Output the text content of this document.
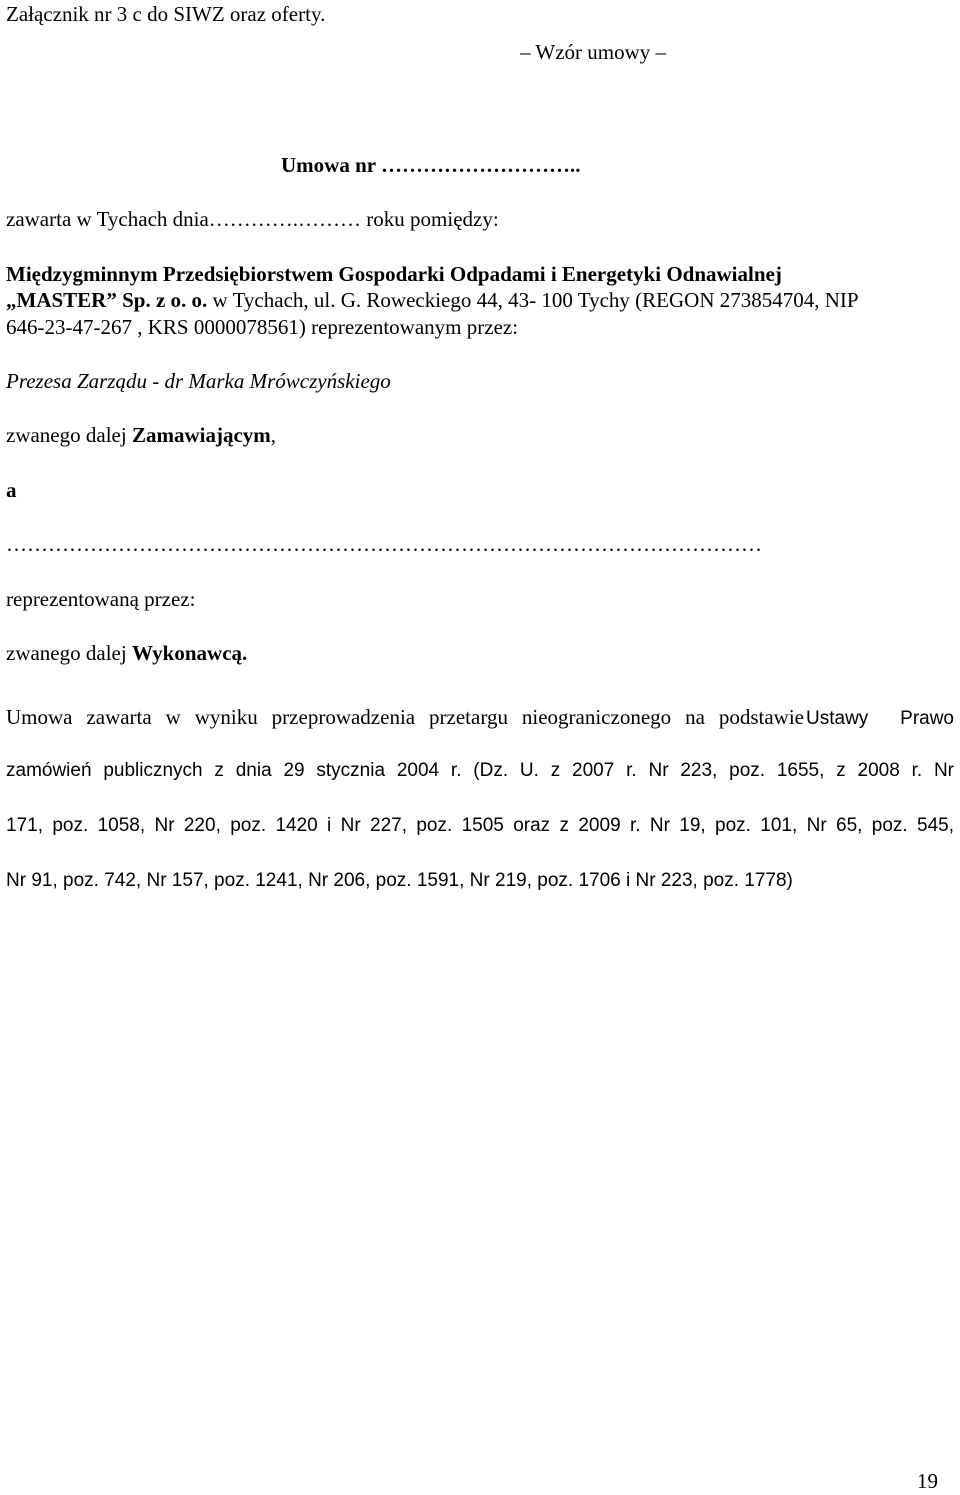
Załącznik nr 3 c do SIWZ oraz oferty.
– Wzór umowy –
Umowa nr ………………………..
zawarta w Tychach dnia………….……… roku pomiędzy:
Międzygminnym Przedsiębiorstwem Gospodarki Odpadami i Energetyki Odnawialnej
„MASTER” Sp. z o. o. w Tychach, ul. G. Roweckiego 44, 43- 100 Tychy (REGON 273854704, NIP
646-23-47-267 , KRS 0000078561) reprezentowanym przez:
Prezesa Zarządu - dr Marka Mrówczyńskiego
zwanego dalej Zamawiającym,
a
………………………………………………………………………………………………
reprezentowaną przez:
zwanego dalej Wykonawcą.
Umowa zawarta w wyniku przeprowadzenia przetargu nieograniczonego na podstawie Ustawy Prawo
zamówień publicznych z dnia 29 stycznia 2004 r. (Dz. U. z 2007 r. Nr 223, poz. 1655, z 2008 r. Nr
171, poz. 1058, Nr 220, poz. 1420 i Nr 227, poz. 1505 oraz z 2009 r. Nr 19, poz. 101, Nr 65, poz. 545,
Nr 91, poz. 742, Nr 157, poz. 1241, Nr 206, poz. 1591, Nr 219, poz. 1706 i Nr 223, poz. 1778)
19
